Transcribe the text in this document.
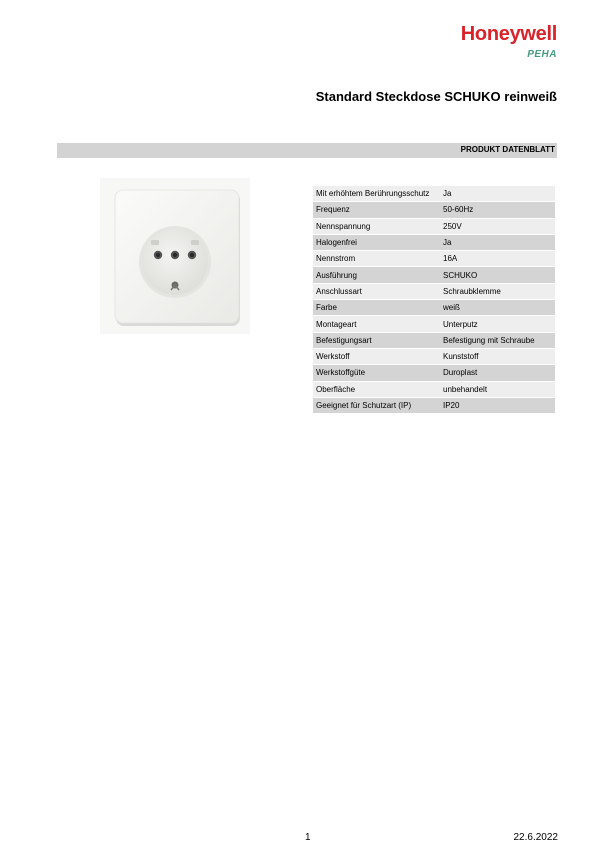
Honeywell
PEHA
Standard Steckdose SCHUKO reinweiß
PRODUKT DATENBLATT
Mit erhöhtem Berührungsschutz	Ja
Frequenz	50-60Hz
Nennspannung	250V
Halogenfrei	Ja
Nennstrom	16A
Ausführung	SCHUKO
Anschlussart	Schraubklemme
Farbe	weiß
Montageart	Unterputz
Befestigungsart	Befestigung mit Schraube
Werkstoff	Kunststoff
Werkstoffgüte	Duroplast
Oberfläche	unbehandelt
Geeignet für Schutzart (IP)	IP20
1	22.6.2022
